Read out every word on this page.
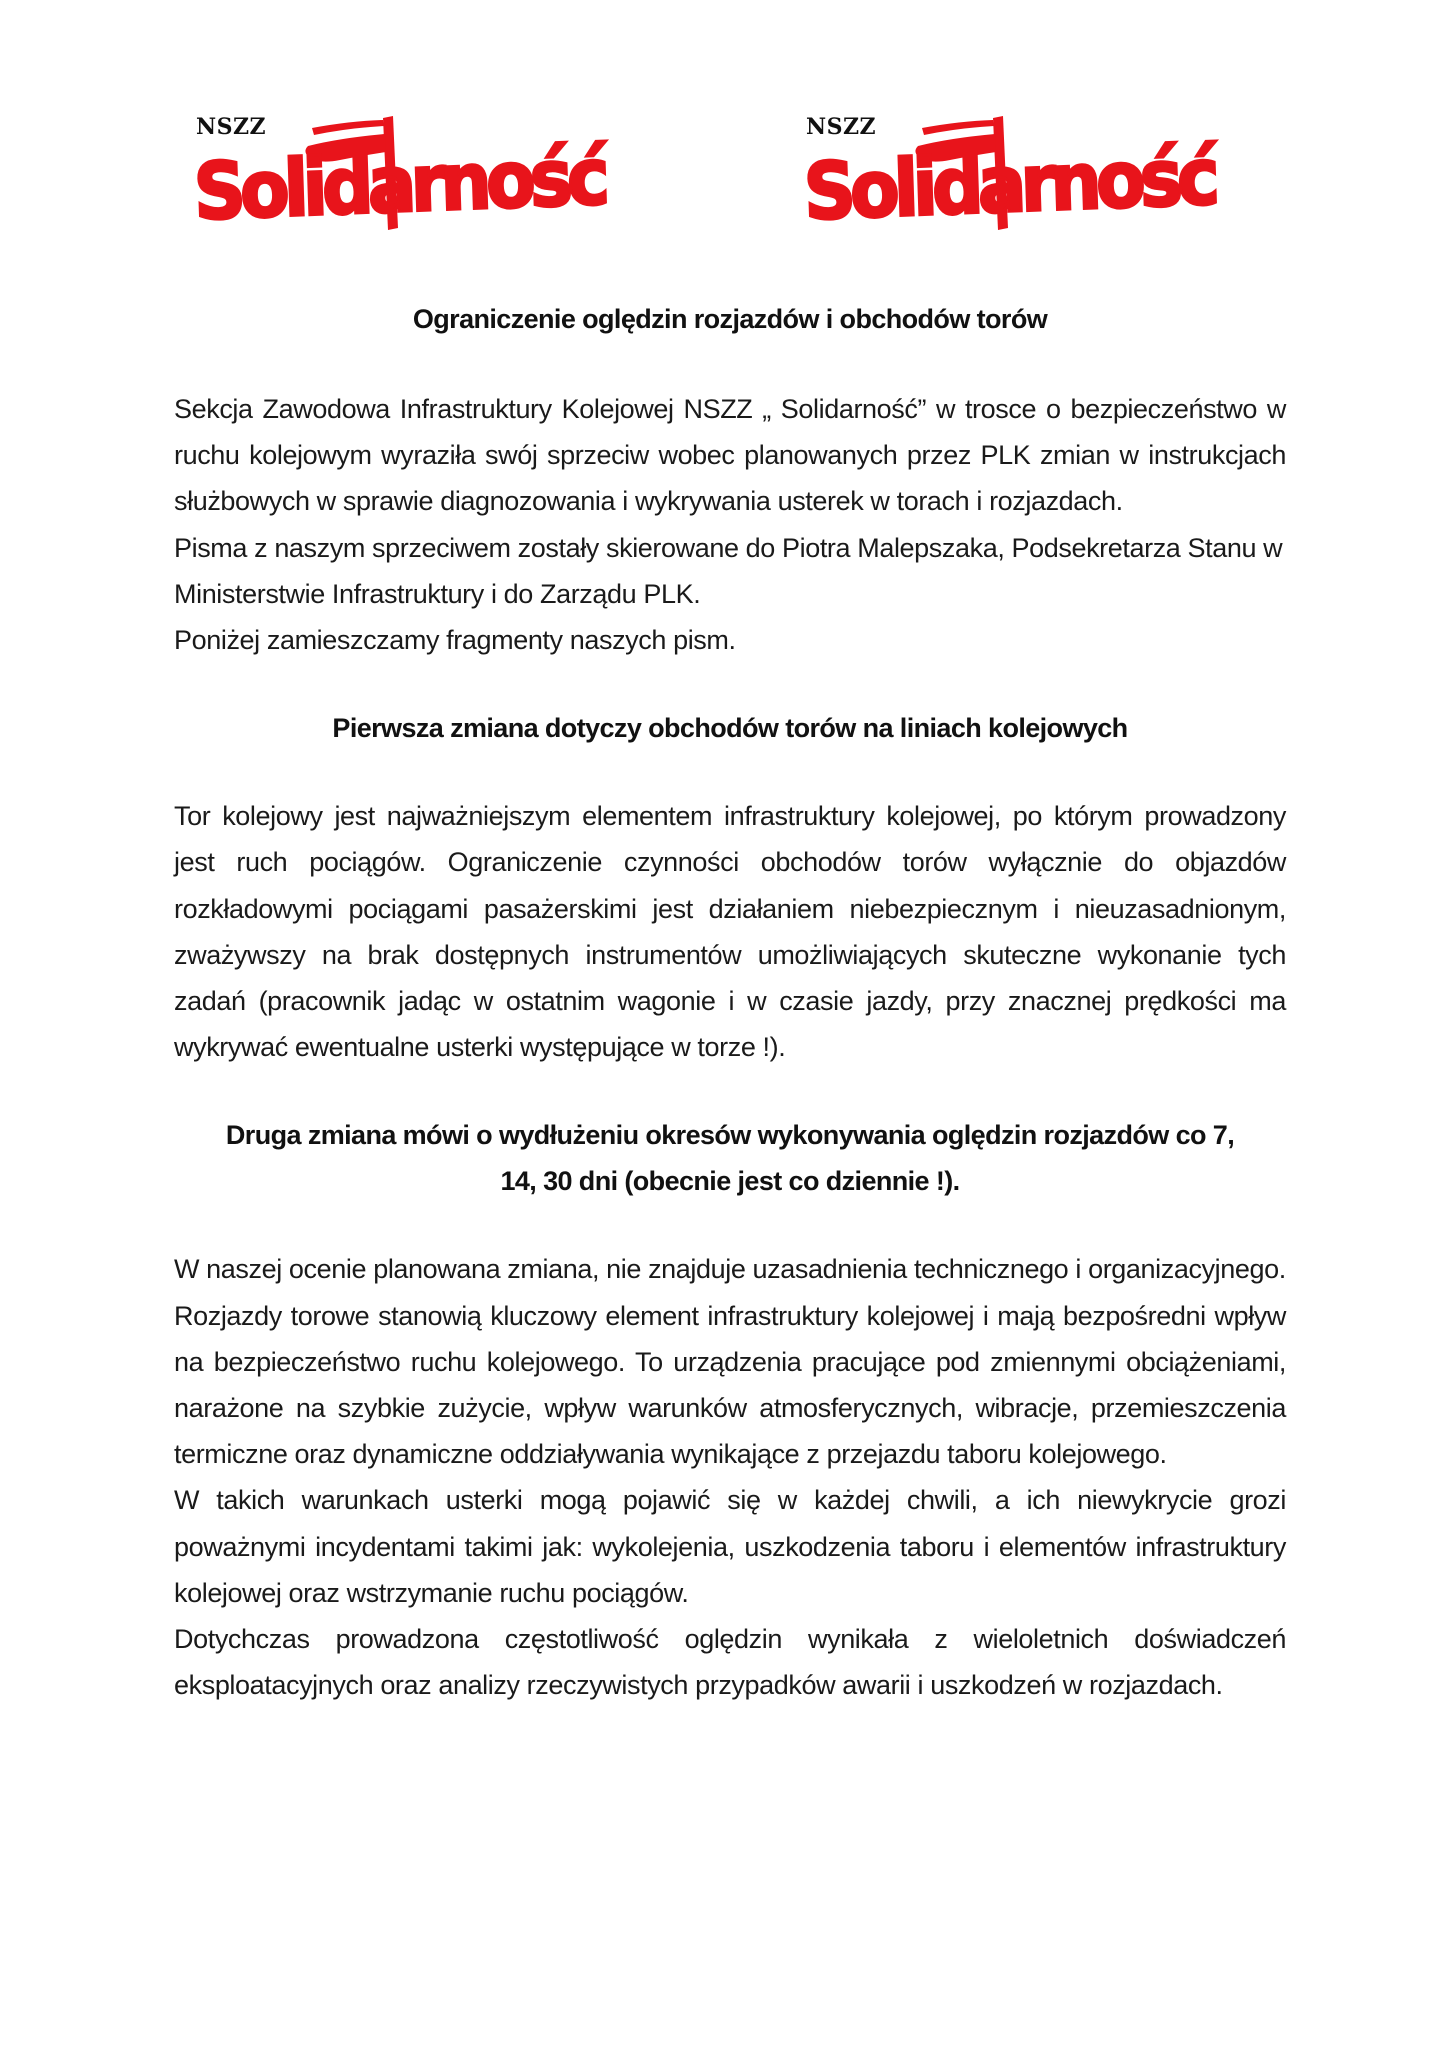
NSZZ
Solidarność
NSZZ
Solidarność
Ograniczenie oględzin rozjazdów i obchodów torów

Sekcja Zawodowa Infrastruktury Kolejowej NSZZ „ Solidarność” w trosce o bezpieczeństwo w ruchu kolejowym wyraziła swój sprzeciw wobec planowanych przez PLK zmian w instrukcjach służbowych w sprawie diagnozowania i wykrywania usterek w torach i rozjazdach.

Pisma z naszym sprzeciwem zostały skierowane do Piotra Malepszaka, Podsekretarza Stanu w Ministerstwie Infrastruktury i do Zarządu PLK.

Poniżej zamieszczamy fragmenty naszych pism.

Pierwsza zmiana dotyczy obchodów torów na liniach kolejowych

Tor kolejowy jest najważniejszym elementem infrastruktury kolejowej, po którym prowadzony jest ruch pociągów. Ograniczenie czynności obchodów torów wyłącznie do objazdów rozkładowymi pociągami pasażerskimi jest działaniem niebezpiecznym i nieuzasadnionym, zważywszy na brak dostępnych instrumentów umożliwiających skuteczne wykonanie tych zadań (pracownik jadąc w ostatnim wagonie i w czasie jazdy, przy znacznej prędkości ma wykrywać ewentualne usterki występujące w torze !).

Druga zmiana mówi o wydłużeniu okresów wykonywania oględzin rozjazdów co 7,
14, 30 dni (obecnie jest co dziennie !).

W naszej ocenie planowana zmiana, nie znajduje uzasadnienia technicznego i organizacyjnego.

Rozjazdy torowe stanowią kluczowy element infrastruktury kolejowej i mają bezpośredni wpływ na bezpieczeństwo ruchu kolejowego. To urządzenia pracujące pod zmiennymi obciążeniami, narażone na szybkie zużycie, wpływ warunków atmosferycznych, wibracje, przemieszczenia termiczne oraz dynamiczne oddziaływania wynikające z przejazdu taboru kolejowego.

W takich warunkach usterki mogą pojawić się w każdej chwili, a ich niewykrycie grozi poważnymi incydentami takimi jak: wykolejenia, uszkodzenia taboru i elementów infrastruktury kolejowej oraz wstrzymanie ruchu pociągów.

Dotychczas prowadzona częstotliwość oględzin wynikała z wieloletnich doświadczeń eksploatacyjnych oraz analizy rzeczywistych przypadków awarii i uszkodzeń w rozjazdach.
